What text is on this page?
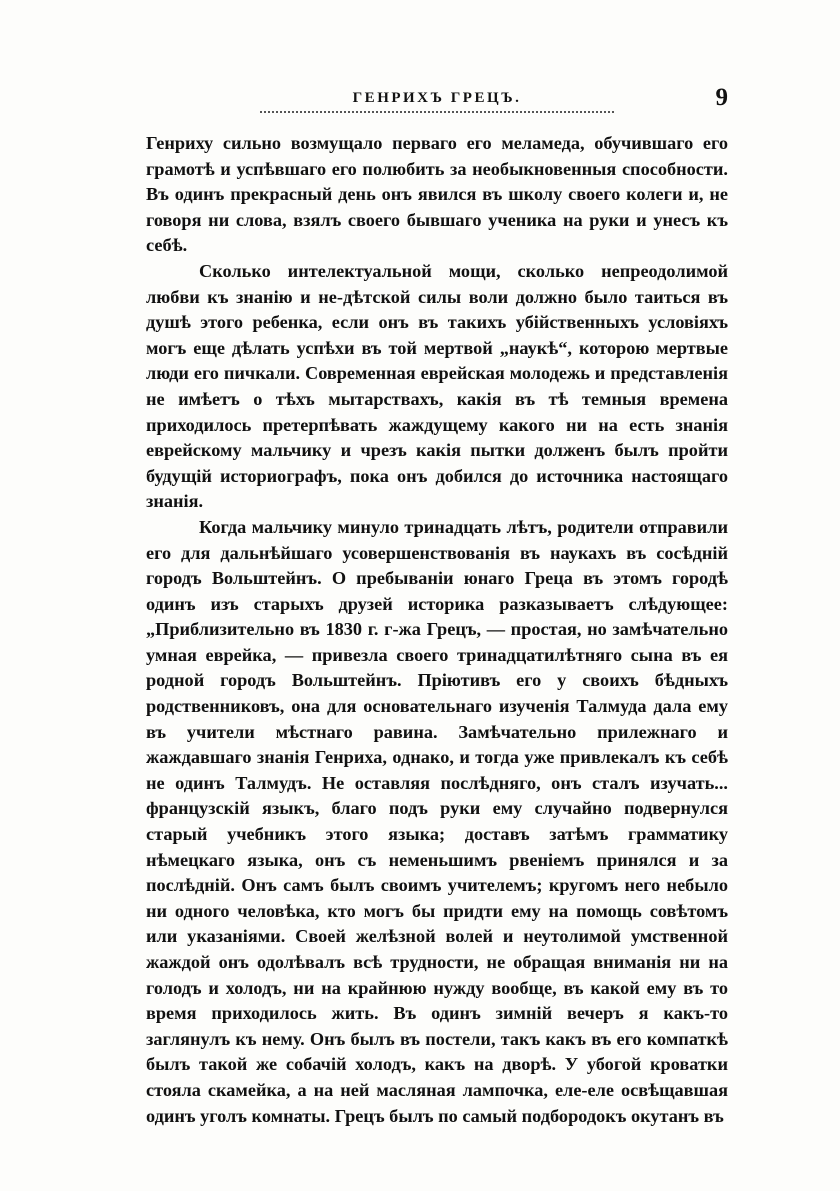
ГЕНРИХЪ ГРЕЦЪ.	9

Генриху сильно возмущало перваго его меламеда, обучившаго его грамотѣ и успѣвшаго его полюбить за необыкновенныя способности. Въ одинъ прекрасный день онъ явился въ школу своего колеги и, не говоря ни слова, взялъ своего бывшаго ученика на руки и унесъ къ себѣ.

Сколько интелектуальной мощи, сколько непреодолимой любви къ знанiю и не-дѣтской силы воли должно было таиться въ душѣ этого ребенка, если онъ въ такихъ убiйственныхъ условiяхъ могъ еще дѣлать успѣхи въ той мертвой „наукѣ“, которою мертвые люди его пичкали. Современная еврейская молодежь и представленiя не имѣетъ о тѣхъ мытарствахъ, какiя въ тѣ темныя времена приходилось претерпѣвать жаждущему какого ни на есть знанiя еврейскому мальчику и чрезъ какiя пытки долженъ былъ пройти будущiй историографъ, пока онъ добился до источника настоящаго знанiя.

Когда мальчику минуло тринадцать лѣтъ, родители отправили его для дальнѣйшаго усовершенствованiя въ наукахъ въ сосѣднiй городъ Вольштейнъ. О пребыванiи юнаго Греца въ этомъ городѣ одинъ изъ старыхъ друзей историка разказываетъ слѣдующее: „Приблизительно въ 1830 г. г-жа Грецъ, — простая, но замѣчательно умная еврейка, — привезла своего тринадцатилѣтняго сына въ ея родной городъ Вольштейнъ. Прiютивъ его у своихъ бѣдныхъ родственниковъ, она для основательнаго изученiя Талмуда дала ему въ учители мѣстнаго равина. Замѣчательно прилежнаго и жаждавшаго знанiя Генриха, однако, и тогда уже привлекалъ къ себѣ не одинъ Талмудъ. Не оставляя послѣдняго, онъ сталъ изучать... французскiй языкъ, благо подъ руки ему случайно подвернулся старый учебникъ этого языка; доставъ затѣмъ грамматику нѣмецкаго языка, онъ съ неменьшимъ рвенiемъ принялся и за послѣднiй. Онъ самъ былъ своимъ учителемъ; кругомъ него небыло ни одного человѣка, кто могъ бы придти ему на помощь совѣтомъ или указанiями. Своей желѣзной волей и неутолимой умственной жаждой онъ одолѣвалъ всѣ трудности, не обращая вниманiя ни на голодъ и холодъ, ни на крайнюю нужду вообще, въ какой ему въ то время приходилось жить. Въ одинъ зимнiй вечеръ я какъ-то заглянулъ къ нему. Онъ былъ въ постели, такъ какъ въ его компаткѣ былъ такой же собачiй холодъ, какъ на дворѣ. У убогой кроватки стояла скамейка, а на ней масляная лампочка, еле-еле освѣщавшая одинъ уголъ комнаты. Грецъ былъ по самый подбородокъ окутанъ въ
